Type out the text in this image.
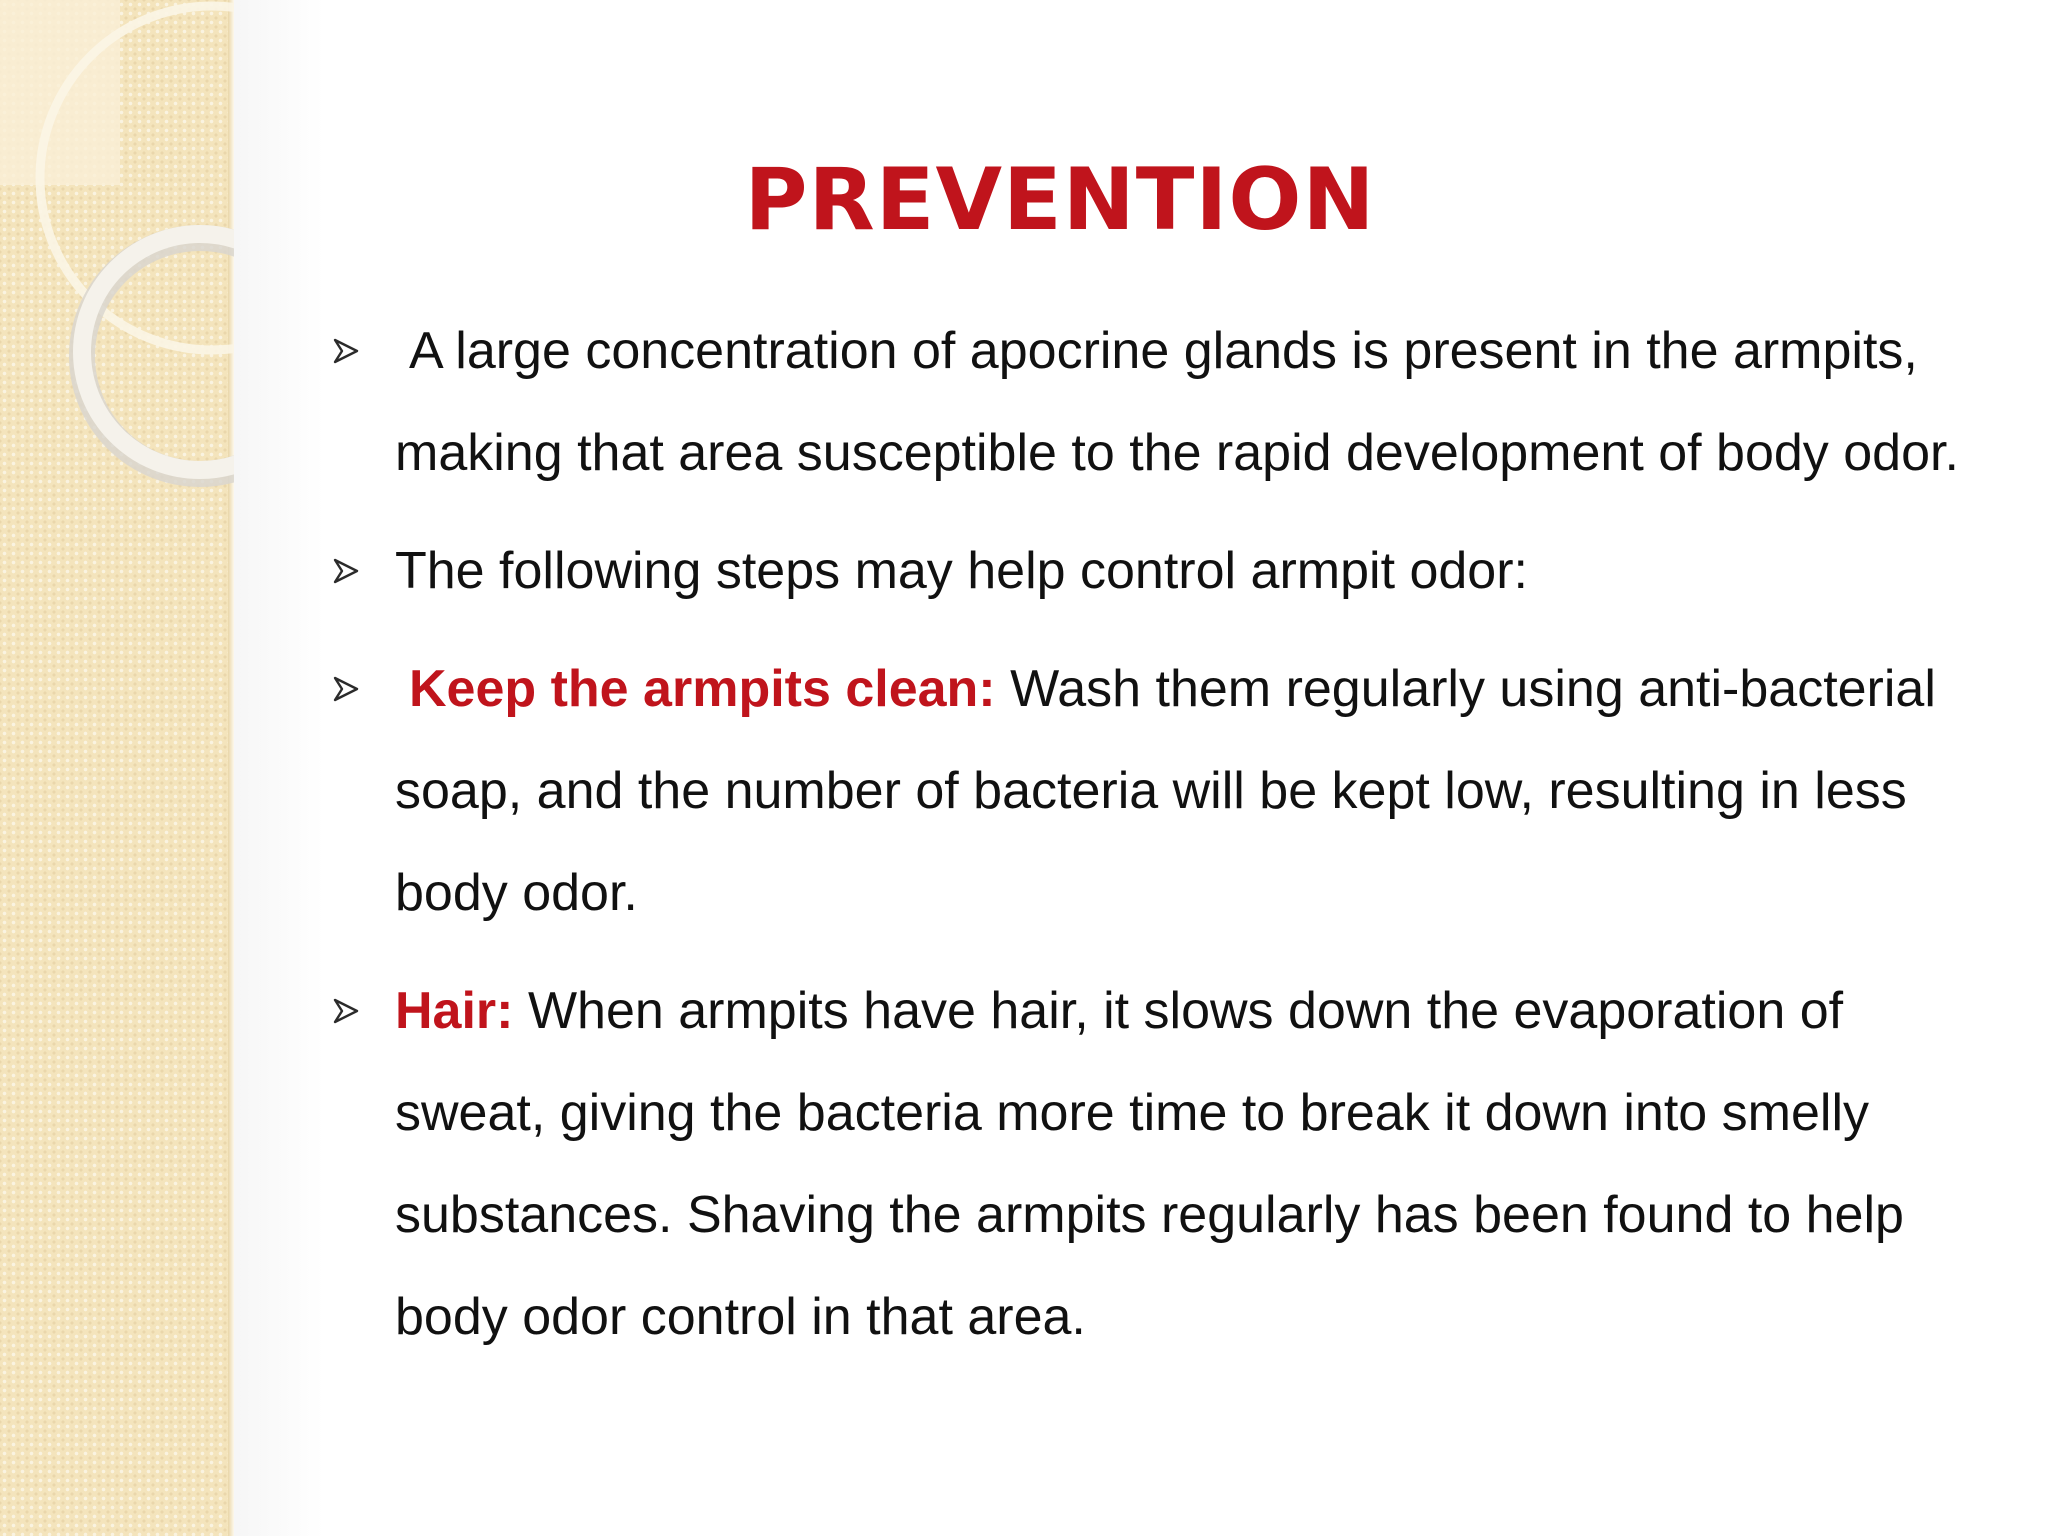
PREVENTION
A large concentration of apocrine glands is present in the armpits, making that area susceptible to the rapid development of body odor.
The following steps may help control armpit odor:
Keep the armpits clean: Wash them regularly using anti-bacterial soap, and the number of bacteria will be kept low, resulting in less body odor.
Hair: When armpits have hair, it slows down the evaporation of sweat, giving the bacteria more time to break it down into smelly substances. Shaving the armpits regularly has been found to help body odor control in that area.
